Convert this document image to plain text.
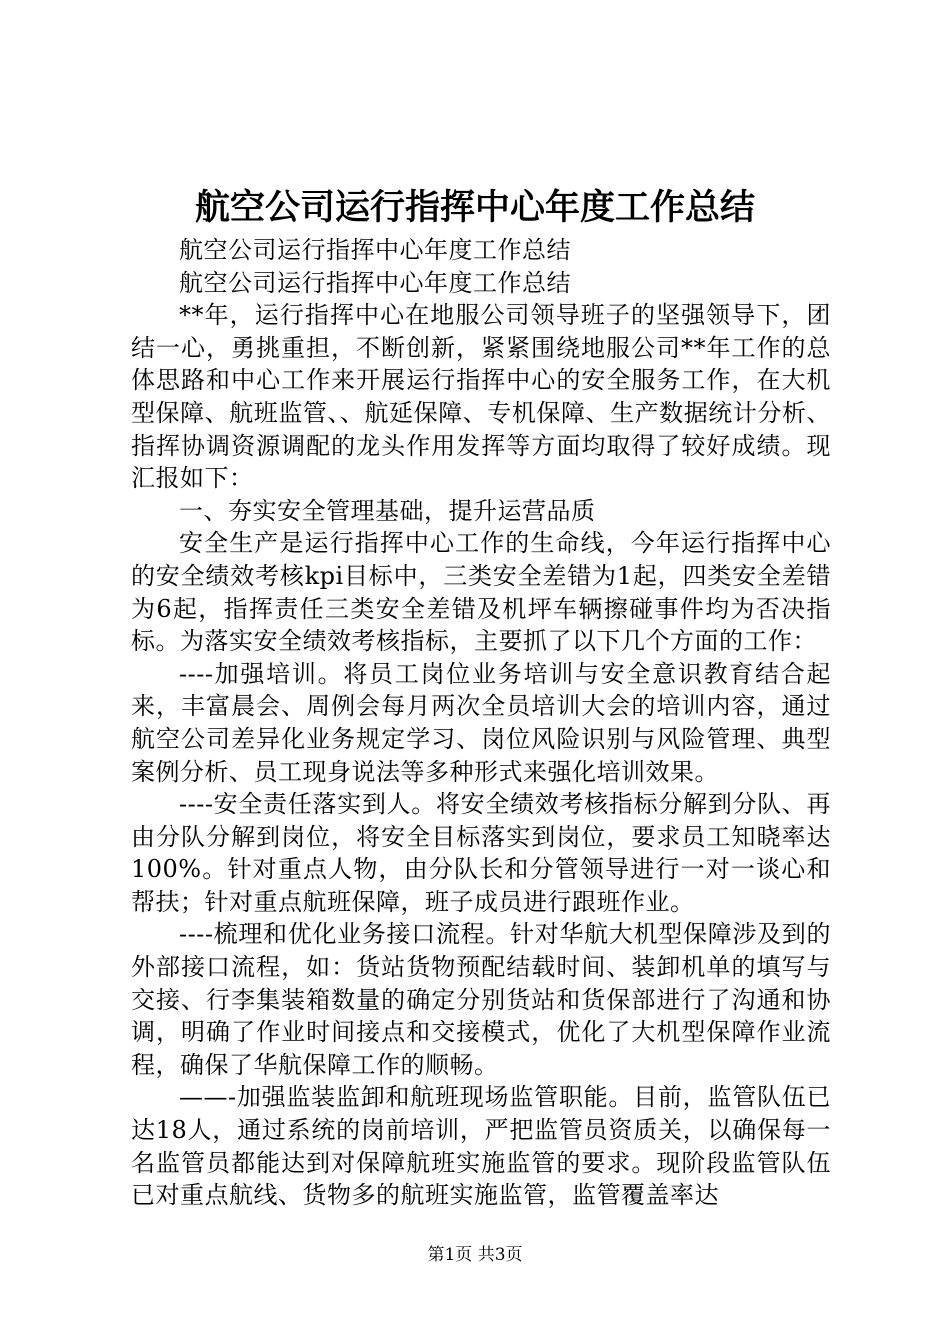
航空公司运行指挥中心年度工作总结

航空公司运行指挥中心年度工作总结

航空公司运行指挥中心年度工作总结

**年，运行指挥中心在地服公司领导班子的坚强领导下，团结一心，勇挑重担，不断创新，紧紧围绕地服公司**年工作的总体思路和中心工作来开展运行指挥中心的安全服务工作，在大机型保障、航班监管、、航延保障、专机保障、生产数据统计分析、指挥协调资源调配的龙头作用发挥等方面均取得了较好成绩。现汇报如下：

一、夯实安全管理基础，提升运营品质

安全生产是运行指挥中心工作的生命线，今年运行指挥中心的安全绩效考核kpi目标中，三类安全差错为1起，四类安全差错为6起，指挥责任三类安全差错及机坪车辆擦碰事件均为否决指标。为落实安全绩效考核指标，主要抓了以下几个方面的工作：

----加强培训。将员工岗位业务培训与安全意识教育结合起来，丰富晨会、周例会每月两次全员培训大会的培训内容，通过航空公司差异化业务规定学习、岗位风险识别与风险管理、典型案例分析、员工现身说法等多种形式来强化培训效果。

----安全责任落实到人。将安全绩效考核指标分解到分队、再由分队分解到岗位，将安全目标落实到岗位，要求员工知晓率达100%。针对重点人物，由分队长和分管领导进行一对一谈心和帮扶；针对重点航班保障，班子成员进行跟班作业。

----梳理和优化业务接口流程。针对华航大机型保障涉及到的外部接口流程，如：货站货物预配结载时间、装卸机单的填写与交接、行李集装箱数量的确定分别货站和货保部进行了沟通和协调，明确了作业时间接点和交接模式，优化了大机型保障作业流程，确保了华航保障工作的顺畅。

——-加强监装监卸和航班现场监管职能。目前，监管队伍已达18人，通过系统的岗前培训，严把监管员资质关，以确保每一名监管员都能达到对保障航班实施监管的要求。现阶段监管队伍已对重点航线、货物多的航班实施监管，监管覆盖率达

第1页 共3页
